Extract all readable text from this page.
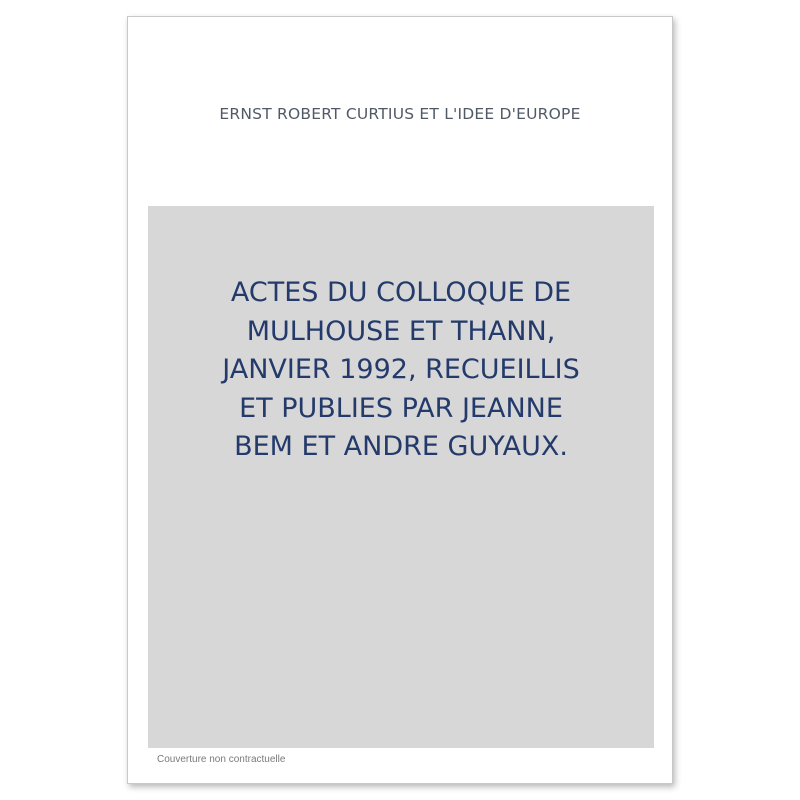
ERNST ROBERT CURTIUS ET L'IDEE D'EUROPE
ACTES DU COLLOQUE DE
MULHOUSE ET THANN,
JANVIER 1992, RECUEILLIS
ET PUBLIES PAR JEANNE
BEM ET ANDRE GUYAUX.
Couverture non contractuelle
